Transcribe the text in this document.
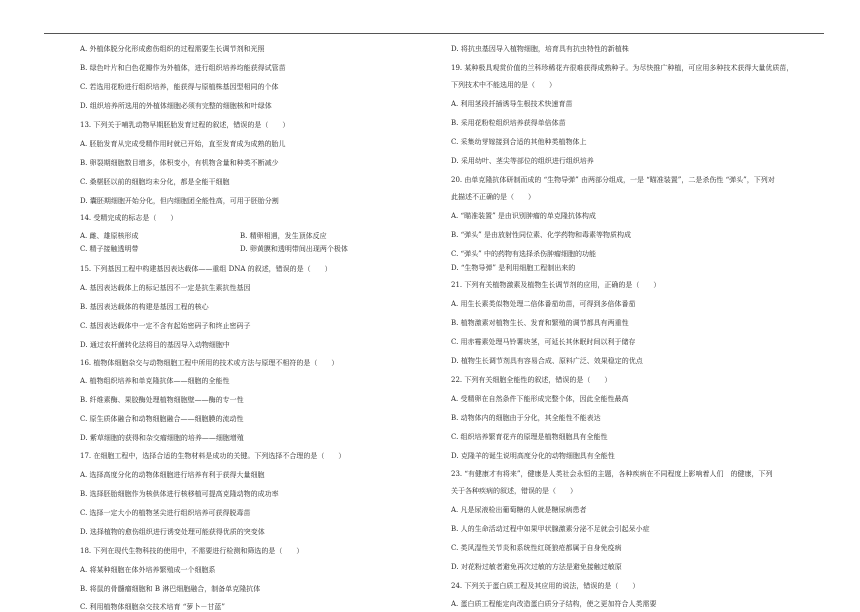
A. 外植体脱分化形成愈伤组织的过程需要生长调节剂和光照
B. 绿色叶片和白色花瓣作为外植体，进行组织培养均能获得试管苗
C. 若选用花粉进行组织培养，能获得与原植株基因型相同的个体
D. 组织培养所选用的外植体细胞必须有完整的细胞核和叶绿体
13. 下列关于哺乳动物早期胚胎发育过程的叙述，错误的是（　　）
A. 胚胎发育从完成受精作用时就已开始，直至发育成为成熟的胎儿
B. 卵裂期细胞数目增多，体积变小，有机物含量和种类不断减少
C. 桑椹胚以前的细胞均未分化，都是全能干细胞
D. 囊胚期细胞开始分化，但内细胞团全能性高，可用于胚胎分割
14. 受精完成的标志是（　　）
A. 雌、雄原核形成	B. 精卵相遇，发生顶体反应
C. 精子接触透明带	D. 卵黄膜和透明带间出现两个极体
15. 下列基因工程中构建基因表达载体——重组 DNA 的叙述，错误的是（　　）
A. 基因表达载体上的标记基因不一定是抗生素抗性基因
B. 基因表达载体的构建是基因工程的核心
C. 基因表达载体中一定不含有起始密码子和终止密码子
D. 通过农杆菌转化法将目的基因导入动物细胞中
16. 植物体细胞杂交与动物细胞工程中所用的技术或方法与原理不相符的是（　　）
A. 植物组织培养和单克隆抗体——细胞的全能性
B. 纤维素酶、果胶酶处理植物细胞壁——酶的专一性
C. 原生质体融合和动物细胞融合——细胞膜的流动性
D. 紫草细胞的获得和杂交瘤细胞的培养——细胞增殖
17. 在细胞工程中，选择合适的生物材料是成功的关键。下列选择不合理的是（　　）
A. 选择高度分化的动物体细胞进行培养有利于获得大量细胞
B. 选择胚胎细胞作为核供体进行核移植可提高克隆动物的成功率
C. 选择一定大小的植物茎尖进行组织培养可获得脱毒苗
D. 选择植物的愈伤组织进行诱变处理可能获得优质的突变体
18. 下列在现代生物科技的使用中，不需要进行检测和筛选的是（　　）
A. 将某种细胞在体外培养繁殖成一个细胞系
B. 将鼠的骨髓瘤细胞和 B 淋巴细胞融合，制备单克隆抗体
C. 利用植物体细胞杂交技术培育 “萝卜－甘蓝”
D. 将抗虫基因导入植物细胞，培育具有抗虫特性的新植株
19. 某种极具观赏价值的兰科珍稀花卉很难获得成熟种子。为尽快推广种植，可应用多种技术获得大量优质苗，
下列技术中不能选用的是（　　）
A. 利用茎段扦插诱导生根技术快速育苗
B. 采用花粉粒组织培养获得单倍体苗
C. 采集幼芽嫁接到合适的其他种类植物体上
D. 采用幼叶、茎尖等部位的组织进行组织培养
20. 由单克隆抗体研制而成的 “生物导弹” 由两部分组成，一是 “瞄准装置”，二是杀伤性 “弹头”，下列对
此描述不正确的是（　　）
A. “瞄准装置” 是由识别肿瘤的单克隆抗体构成
B. “弹头” 是由放射性同位素、化学药物和毒素等物质构成
C. “弹头” 中的药物有选择杀伤肿瘤细胞的功能
D. “生物导弹” 是利用细胞工程制出来的
21. 下列有关植物激素及植物生长调节剂的应用，正确的是（　　）
A. 用生长素类似物处理二倍体番茄幼苗，可得到多倍体番茄
B. 植物激素对植物生长、发育和繁殖的调节都具有两重性
C. 用赤霉素处理马铃薯块茎，可延长其休眠时间以利于储存
D. 植物生长调节剂具有容易合成、原料广泛、效果稳定的优点
22. 下列有关细胞全能性的叙述，错误的是（　　）
A. 受精卵在自然条件下能形成完整个体，因此全能性最高
B. 动物体内的细胞由于分化，其全能性不能表达
C. 组织培养繁育花卉的原理是植物细胞具有全能性
D. 克隆羊的诞生说明高度分化的动物细胞具有全能性
23. “有健康才有将来”，健康是人类社会永恒的主题，各种疾病在不同程度上影响着人们　的健康，下列
关于各种疾病的叙述，错误的是（　　）
A. 凡是尿液检出葡萄糖的人就是糖尿病患者
B. 人的生命活动过程中如果甲状腺激素分泌不足就会引起呆小症
C. 类风湿性关节炎和系统性红斑狼疮都属于自身免疫病
D. 对花粉过敏者避免再次过敏的方法是避免接触过敏原
24. 下列关于蛋白质工程及其应用的说法，错误的是（　　）
A. 蛋白质工程能定向改造蛋白质分子结构，使之更加符合人类需要
